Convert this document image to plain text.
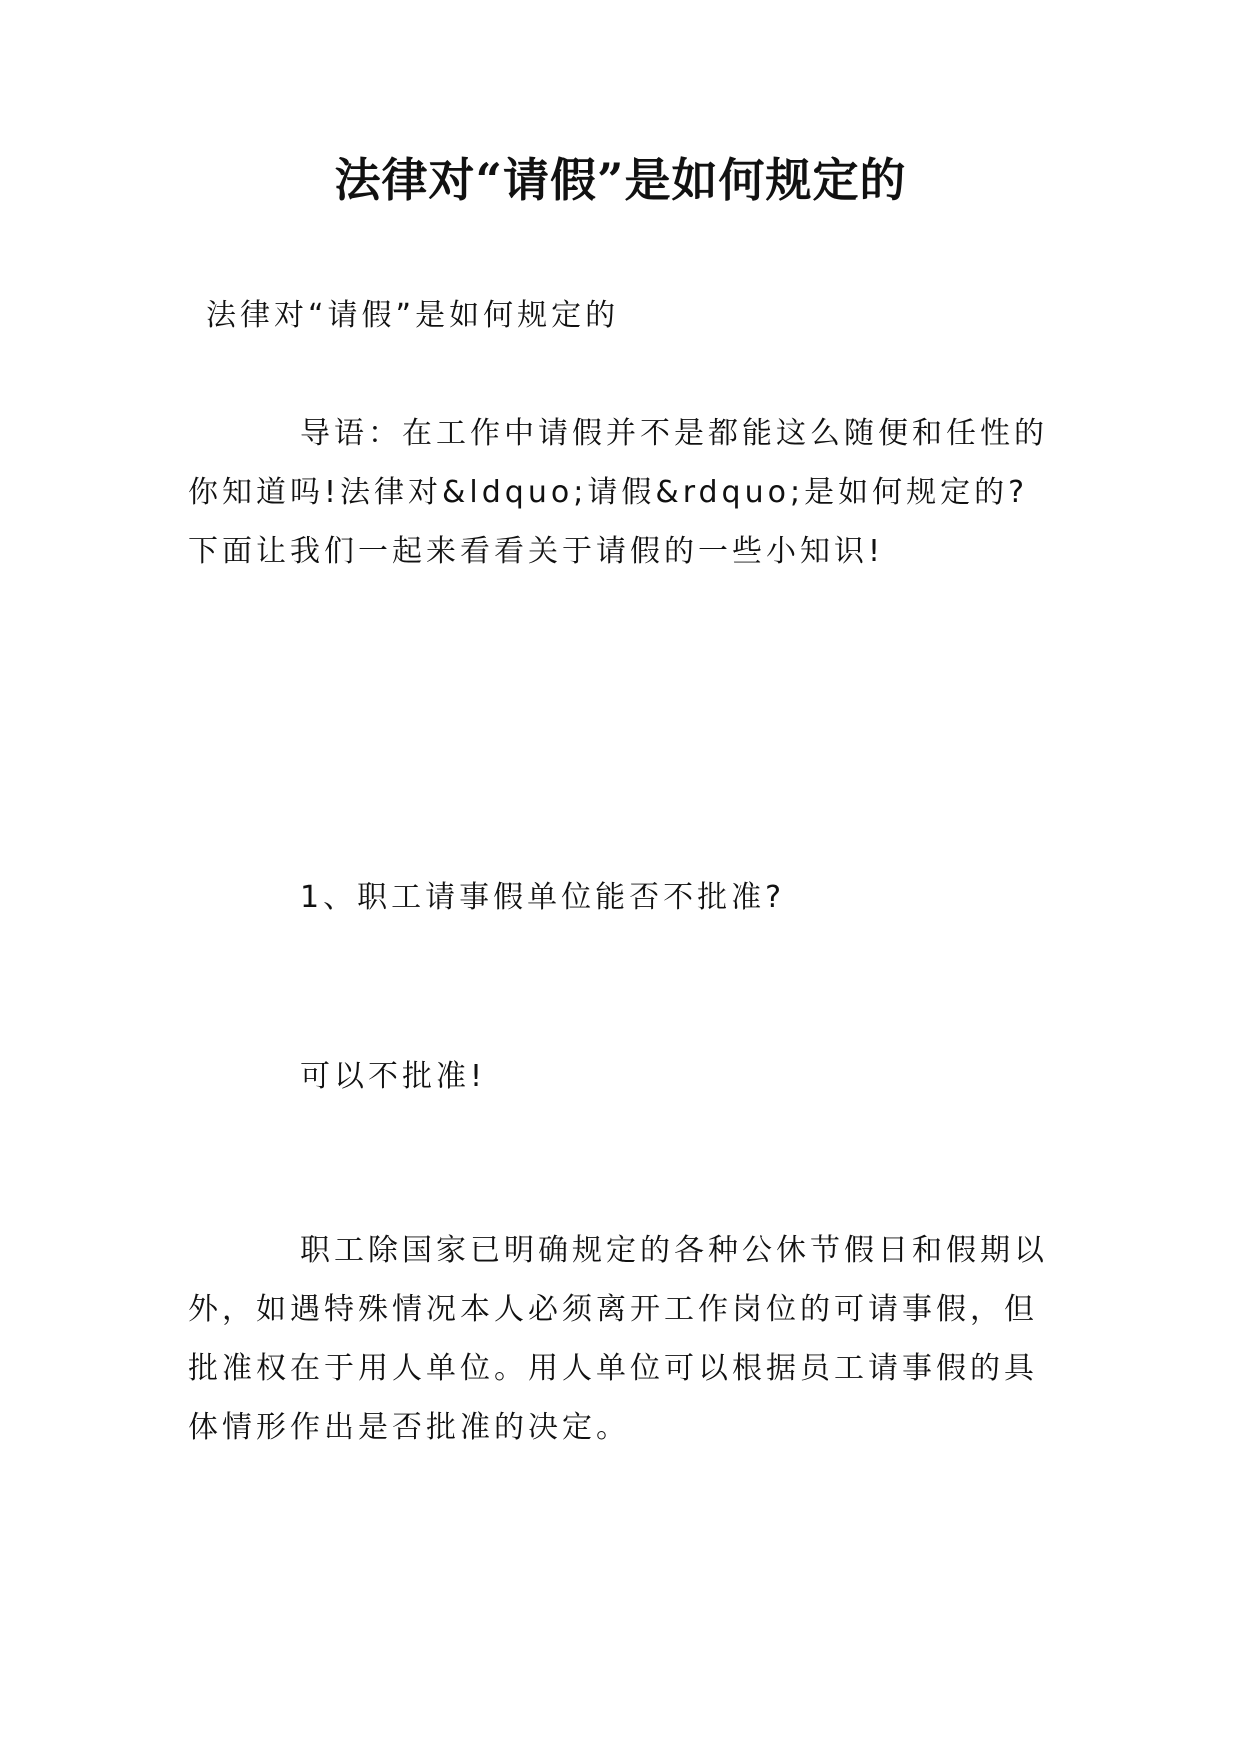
法律对“请假”是如何规定的

法律对“请假”是如何规定的

导语：在工作中请假并不是都能这么随便和任性的你知道吗!法律对&ldquo;请假&rdquo;是如何规定的?下面让我们一起来看看关于请假的一些小知识!

1、职工请事假单位能否不批准?

可以不批准!

职工除国家已明确规定的各种公休节假日和假期以外，如遇特殊情况本人必须离开工作岗位的可请事假，但批准权在于用人单位。用人单位可以根据员工请事假的具体情形作出是否批准的决定。
